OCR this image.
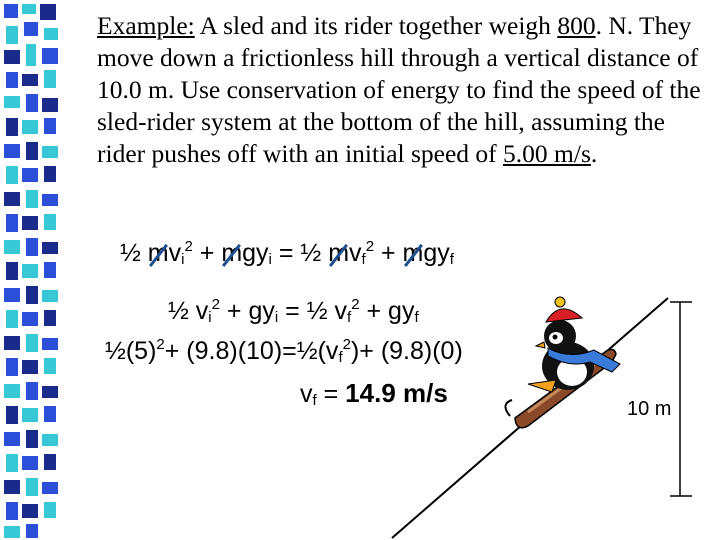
Example: A sled and its rider together weigh 800. N. They move down a frictionless hill through a vertical distance of 10.0 m. Use conservation of energy to find the speed of the sled-rider system at the bottom of the hill, assuming the rider pushes off with an initial speed of 5.00 m/s.
½ m
$v_i^2 + m$
$gy_i$ = ½ m
$v_f^2 + m$
$gy_f$
½ $v_i^2 + gy_i$ = ½ $v_f^2 + gy_f$
$\frac{1}{2}(5)^2+$ $(9.8)(10)=\frac{1}{2}(v_f^2)+ (9.8)(0)$
$v_f = 14.9$ m/s
10 m
